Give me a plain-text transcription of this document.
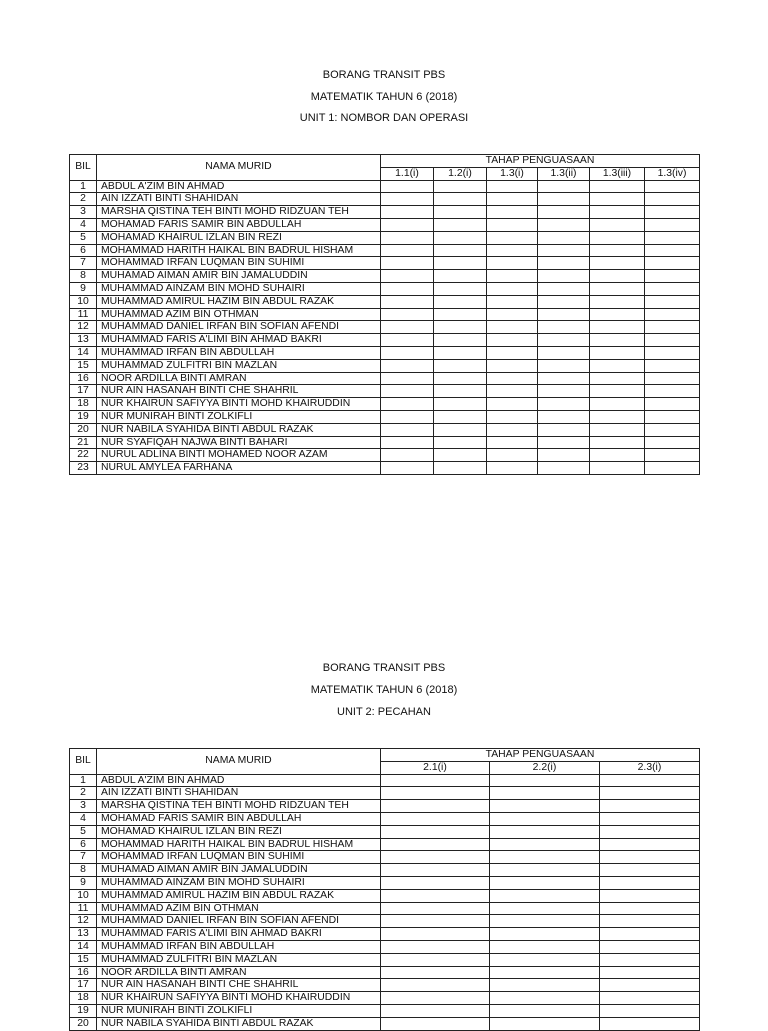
BORANG TRANSIT PBS
MATEMATIK TAHUN 6 (2018)
UNIT 1: NOMBOR DAN OPERASI
BIL	NAMA MURID	TAHAP PENGUASAAN					
		1.1(i)	1.2(i)	1.3(i)	1.3(ii)	1.3(iii)	1.3(iv)
1	ABDUL A'ZIM BIN AHMAD						
2	AIN IZZATI BINTI SHAHIDAN						
3	MARSHA QISTINA TEH BINTI MOHD RIDZUAN TEH						
4	MOHAMAD FARIS SAMIR BIN ABDULLAH						
5	MOHAMAD KHAIRUL IZLAN BIN REZI						
6	MOHAMMAD HARITH HAIKAL BIN BADRUL HISHAM						
7	MOHAMMAD IRFAN LUQMAN BIN SUHIMI						
8	MUHAMAD AIMAN AMIR BIN JAMALUDDIN						
9	MUHAMMAD AINZAM BIN MOHD SUHAIRI						
10	MUHAMMAD AMIRUL HAZIM BIN ABDUL RAZAK						
11	MUHAMMAD AZIM BIN OTHMAN						
12	MUHAMMAD DANIEL IRFAN BIN SOFIAN AFENDI						
13	MUHAMMAD FARIS A'LIMI BIN AHMAD BAKRI						
14	MUHAMMAD IRFAN BIN ABDULLAH						
15	MUHAMMAD ZULFITRI BIN MAZLAN						
16	NOOR ARDILLA BINTI AMRAN						
17	NUR AIN HASANAH BINTI CHE SHAHRIL						
18	NUR KHAIRUN SAFIYYA BINTI MOHD KHAIRUDDIN						
19	NUR MUNIRAH BINTI ZOLKIFLI						
20	NUR NABILA SYAHIDA BINTI ABDUL RAZAK						
21	NUR SYAFIQAH NAJWA BINTI BAHARI						
22	NURUL ADLINA BINTI MOHAMED NOOR AZAM						
23	NURUL AMYLEA FARHANA						
BORANG TRANSIT PBS
MATEMATIK TAHUN 6 (2018)
UNIT 2: PECAHAN
BIL	NAMA MURID	TAHAP PENGUASAAN		
		2.1(i)	2.2(i)	2.3(i)
1	ABDUL A'ZIM BIN AHMAD			
2	AIN IZZATI BINTI SHAHIDAN			
3	MARSHA QISTINA TEH BINTI MOHD RIDZUAN TEH			
4	MOHAMAD FARIS SAMIR BIN ABDULLAH			
5	MOHAMAD KHAIRUL IZLAN BIN REZI			
6	MOHAMMAD HARITH HAIKAL BIN BADRUL HISHAM			
7	MOHAMMAD IRFAN LUQMAN BIN SUHIMI			
8	MUHAMAD AIMAN AMIR BIN JAMALUDDIN			
9	MUHAMMAD AINZAM BIN MOHD SUHAIRI			
10	MUHAMMAD AMIRUL HAZIM BIN ABDUL RAZAK			
11	MUHAMMAD AZIM BIN OTHMAN			
12	MUHAMMAD DANIEL IRFAN BIN SOFIAN AFENDI			
13	MUHAMMAD FARIS A'LIMI BIN AHMAD BAKRI			
14	MUHAMMAD IRFAN BIN ABDULLAH			
15	MUHAMMAD ZULFITRI BIN MAZLAN			
16	NOOR ARDILLA BINTI AMRAN			
17	NUR AIN HASANAH BINTI CHE SHAHRIL			
18	NUR KHAIRUN SAFIYYA BINTI MOHD KHAIRUDDIN			
19	NUR MUNIRAH BINTI ZOLKIFLI			
20	NUR NABILA SYAHIDA BINTI ABDUL RAZAK			
